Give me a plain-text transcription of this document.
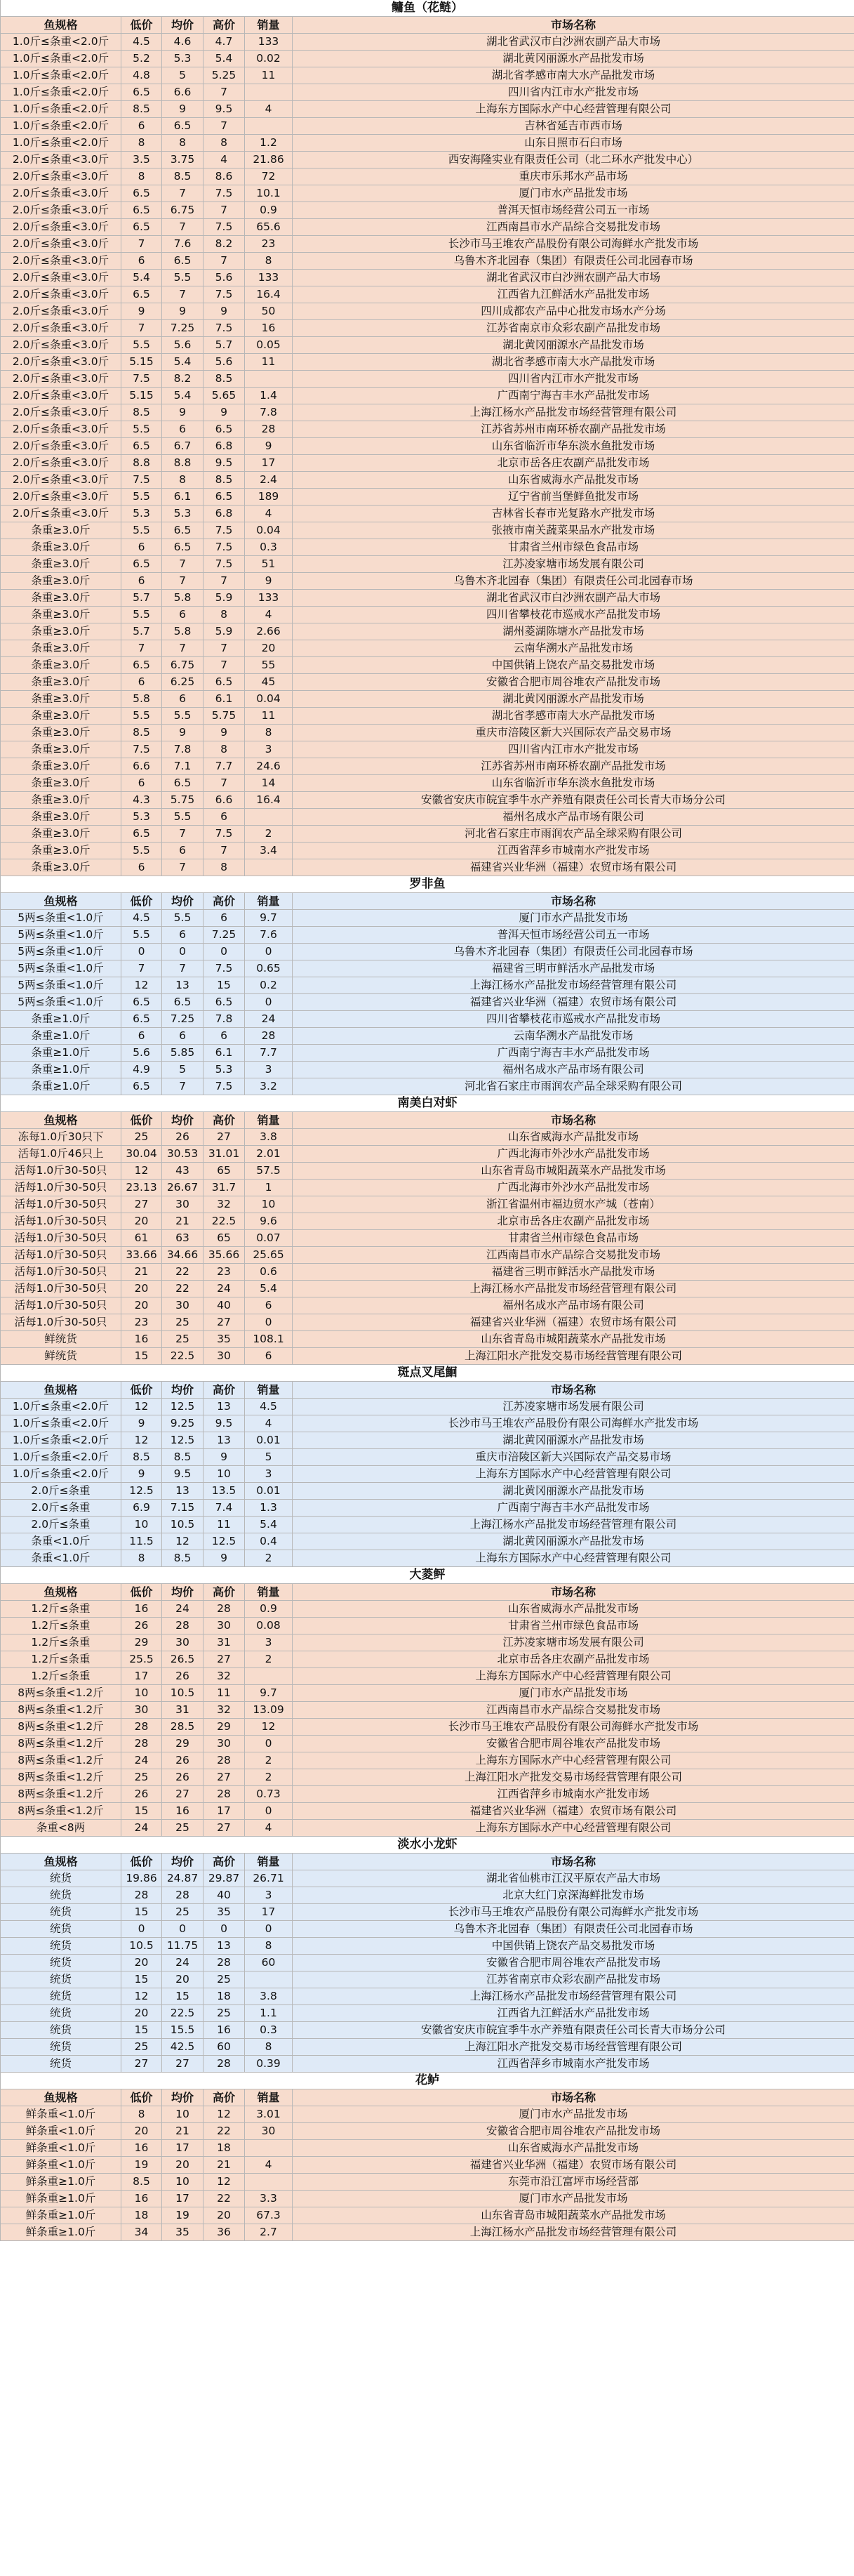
鳙鱼（花鲢）					
鱼规格	低价	均价	高价	销量	市场名称
1.0斤≤条重<2.0斤	4.5	4.6	4.7	133	湖北省武汉市白沙洲农副产品大市场
1.0斤≤条重<2.0斤	5.2	5.3	5.4	0.02	湖北黄冈丽源水产品批发市场
1.0斤≤条重<2.0斤	4.8	5	5.25	11	湖北省孝感市南大水产品批发市场
1.0斤≤条重<2.0斤	6.5	6.6	7		四川省内江市水产批发市场
1.0斤≤条重<2.0斤	8.5	9	9.5	4	上海东方国际水产中心经营管理有限公司
1.0斤≤条重<2.0斤	6	6.5	7		吉林省延吉市西市场
1.0斤≤条重<2.0斤	8	8	8	1.2	山东日照市石臼市场
2.0斤≤条重<3.0斤	3.5	3.75	4	21.86	西安海隆实业有限责任公司（北二环水产批发中心）
2.0斤≤条重<3.0斤	8	8.5	8.6	72	重庆市乐邦水产品市场
2.0斤≤条重<3.0斤	6.5	7	7.5	10.1	厦门市水产品批发市场
2.0斤≤条重<3.0斤	6.5	6.75	7	0.9	普洱天恒市场经营公司五一市场
2.0斤≤条重<3.0斤	6.5	7	7.5	65.6	江西南昌市水产品综合交易批发市场
2.0斤≤条重<3.0斤	7	7.6	8.2	23	长沙市马王堆农产品股份有限公司海鲜水产批发市场
2.0斤≤条重<3.0斤	6	6.5	7	8	乌鲁木齐北园春（集团）有限责任公司北园春市场
2.0斤≤条重<3.0斤	5.4	5.5	5.6	133	湖北省武汉市白沙洲农副产品大市场
2.0斤≤条重<3.0斤	6.5	7	7.5	16.4	江西省九江鲜活水产品批发市场
2.0斤≤条重<3.0斤	9	9	9	50	四川成都农产品中心批发市场水产分场
2.0斤≤条重<3.0斤	7	7.25	7.5	16	江苏省南京市众彩农副产品批发市场
2.0斤≤条重<3.0斤	5.5	5.6	5.7	0.05	湖北黄冈丽源水产品批发市场
2.0斤≤条重<3.0斤	5.15	5.4	5.6	11	湖北省孝感市南大水产品批发市场
2.0斤≤条重<3.0斤	7.5	8.2	8.5		四川省内江市水产批发市场
2.0斤≤条重<3.0斤	5.15	5.4	5.65	1.4	广西南宁海吉丰水产品批发市场
2.0斤≤条重<3.0斤	8.5	9	9	7.8	上海江杨水产品批发市场经营管理有限公司
2.0斤≤条重<3.0斤	5.5	6	6.5	28	江苏省苏州市南环桥农副产品批发市场
2.0斤≤条重<3.0斤	6.5	6.7	6.8	9	山东省临沂市华东淡水鱼批发市场
2.0斤≤条重<3.0斤	8.8	8.8	9.5	17	北京市岳各庄农副产品批发市场
2.0斤≤条重<3.0斤	7.5	8	8.5	2.4	山东省威海水产品批发市场
2.0斤≤条重<3.0斤	5.5	6.1	6.5	189	辽宁省前当堡鲜鱼批发市场
2.0斤≤条重<3.0斤	5.3	5.3	6.8	4	吉林省长春市光复路水产批发市场
条重≥3.0斤	5.5	6.5	7.5	0.04	张掖市南关蔬菜果品水产批发市场
条重≥3.0斤	6	6.5	7.5	0.3	甘肃省兰州市绿色食品市场
条重≥3.0斤	6.5	7	7.5	51	江苏凌家塘市场发展有限公司
条重≥3.0斤	6	7	7	9	乌鲁木齐北园春（集团）有限责任公司北园春市场
条重≥3.0斤	5.7	5.8	5.9	133	湖北省武汉市白沙洲农副产品大市场
条重≥3.0斤	5.5	6	8	4	四川省攀枝花市巡戒水产品批发市场
条重≥3.0斤	5.7	5.8	5.9	2.66	湖州菱湖陈塘水产品批发市场
条重≥3.0斤	7	7	7	20	云南华溯水产品批发市场
条重≥3.0斤	6.5	6.75	7	55	中国供销上饶农产品交易批发市场
条重≥3.0斤	6	6.25	6.5	45	安徽省合肥市周谷堆农产品批发市场
条重≥3.0斤	5.8	6	6.1	0.04	湖北黄冈丽源水产品批发市场
条重≥3.0斤	5.5	5.5	5.75	11	湖北省孝感市南大水产品批发市场
条重≥3.0斤	8.5	9	9	8	重庆市涪陵区新大兴国际农产品交易市场
条重≥3.0斤	7.5	7.8	8	3	四川省内江市水产批发市场
条重≥3.0斤	6.6	7.1	7.7	24.6	江苏省苏州市南环桥农副产品批发市场
条重≥3.0斤	6	6.5	7	14	山东省临沂市华东淡水鱼批发市场
条重≥3.0斤	4.3	5.75	6.6	16.4	安徽省安庆市皖宜季牛水产养殖有限责任公司长青大市场分公司
条重≥3.0斤	5.3	5.5	6		福州名成水产品市场有限公司
条重≥3.0斤	6.5	7	7.5	2	河北省石家庄市雨润农产品全球采购有限公司
条重≥3.0斤	5.5	6	7	3.4	江西省萍乡市城南水产批发市场
条重≥3.0斤	6	7	8		福建省兴业华洲（福建）农贸市场有限公司
罗非鱼					
鱼规格	低价	均价	高价	销量	市场名称
5两≤条重<1.0斤	4.5	5.5	6	9.7	厦门市水产品批发市场
5两≤条重<1.0斤	5.5	6	7.25	7.6	普洱天恒市场经营公司五一市场
5两≤条重<1.0斤	0	0	0	0	乌鲁木齐北园春（集团）有限责任公司北园春市场
5两≤条重<1.0斤	7	7	7.5	0.65	福建省三明市鲜活水产品批发市场
5两≤条重<1.0斤	12	13	15	0.2	上海江杨水产品批发市场经营管理有限公司
5两≤条重<1.0斤	6.5	6.5	6.5	0	福建省兴业华洲（福建）农贸市场有限公司
条重≥1.0斤	6.5	7.25	7.8	24	四川省攀枝花市巡戒水产品批发市场
条重≥1.0斤	6	6	6	28	云南华溯水产品批发市场
条重≥1.0斤	5.6	5.85	6.1	7.7	广西南宁海吉丰水产品批发市场
条重≥1.0斤	4.9	5	5.3	3	福州名成水产品市场有限公司
条重≥1.0斤	6.5	7	7.5	3.2	河北省石家庄市雨润农产品全球采购有限公司
南美白对虾					
鱼规格	低价	均价	高价	销量	市场名称
冻每1.0斤30只下	25	26	27	3.8	山东省威海水产品批发市场
活每1.0斤46只上	30.04	30.53	31.01	2.01	广西北海市外沙水产品批发市场
活每1.0斤30-50只	12	43	65	57.5	山东省青岛市城阳蔬菜水产品批发市场
活每1.0斤30-50只	23.13	26.67	31.7	1	广西北海市外沙水产品批发市场
活每1.0斤30-50只	27	30	32	10	浙江省温州市福边贸水产城（苍南）
活每1.0斤30-50只	20	21	22.5	9.6	北京市岳各庄农副产品批发市场
活每1.0斤30-50只	61	63	65	0.07	甘肃省兰州市绿色食品市场
活每1.0斤30-50只	33.66	34.66	35.66	25.65	江西南昌市水产品综合交易批发市场
活每1.0斤30-50只	21	22	23	0.6	福建省三明市鲜活水产品批发市场
活每1.0斤30-50只	20	22	24	5.4	上海江杨水产品批发市场经营管理有限公司
活每1.0斤30-50只	20	30	40	6	福州名成水产品市场有限公司
活每1.0斤30-50只	23	25	27	0	福建省兴业华洲（福建）农贸市场有限公司
鲜统货	16	25	35	108.1	山东省青岛市城阳蔬菜水产品批发市场
鲜统货	15	22.5	30	6	上海江阳水产批发交易市场经营管理有限公司
斑点叉尾鮰					
鱼规格	低价	均价	高价	销量	市场名称
1.0斤≤条重<2.0斤	12	12.5	13	4.5	江苏凌家塘市场发展有限公司
1.0斤≤条重<2.0斤	9	9.25	9.5	4	长沙市马王堆农产品股份有限公司海鲜水产批发市场
1.0斤≤条重<2.0斤	12	12.5	13	0.01	湖北黄冈丽源水产品批发市场
1.0斤≤条重<2.0斤	8.5	8.5	9	5	重庆市涪陵区新大兴国际农产品交易市场
1.0斤≤条重<2.0斤	9	9.5	10	3	上海东方国际水产中心经营管理有限公司
2.0斤≤条重	12.5	13	13.5	0.01	湖北黄冈丽源水产品批发市场
2.0斤≤条重	6.9	7.15	7.4	1.3	广西南宁海吉丰水产品批发市场
2.0斤≤条重	10	10.5	11	5.4	上海江杨水产品批发市场经营管理有限公司
条重<1.0斤	11.5	12	12.5	0.4	湖北黄冈丽源水产品批发市场
条重<1.0斤	8	8.5	9	2	上海东方国际水产中心经营管理有限公司
大菱鲆					
鱼规格	低价	均价	高价	销量	市场名称
1.2斤≤条重	16	24	28	0.9	山东省威海水产品批发市场
1.2斤≤条重	26	28	30	0.08	甘肃省兰州市绿色食品市场
1.2斤≤条重	29	30	31	3	江苏凌家塘市场发展有限公司
1.2斤≤条重	25.5	26.5	27	2	北京市岳各庄农副产品批发市场
1.2斤≤条重	17	26	32		上海东方国际水产中心经营管理有限公司
8两≤条重<1.2斤	10	10.5	11	9.7	厦门市水产品批发市场
8两≤条重<1.2斤	30	31	32	13.09	江西南昌市水产品综合交易批发市场
8两≤条重<1.2斤	28	28.5	29	12	长沙市马王堆农产品股份有限公司海鲜水产批发市场
8两≤条重<1.2斤	28	29	30	0	安徽省合肥市周谷堆农产品批发市场
8两≤条重<1.2斤	24	26	28	2	上海东方国际水产中心经营管理有限公司
8两≤条重<1.2斤	25	26	27	2	上海江阳水产批发交易市场经营管理有限公司
8两≤条重<1.2斤	26	27	28	0.73	江西省萍乡市城南水产批发市场
8两≤条重<1.2斤	15	16	17	0	福建省兴业华洲（福建）农贸市场有限公司
条重<8两	24	25	27	4	上海东方国际水产中心经营管理有限公司
淡水小龙虾					
鱼规格	低价	均价	高价	销量	市场名称
统货	19.86	24.87	29.87	26.71	湖北省仙桃市江汉平原农产品大市场
统货	28	28	40	3	北京大红门京深海鲜批发市场
统货	15	25	35	17	长沙市马王堆农产品股份有限公司海鲜水产批发市场
统货	0	0	0	0	乌鲁木齐北园春（集团）有限责任公司北园春市场
统货	10.5	11.75	13	8	中国供销上饶农产品交易批发市场
统货	20	24	28	60	安徽省合肥市周谷堆农产品批发市场
统货	15	20	25		江苏省南京市众彩农副产品批发市场
统货	12	15	18	3.8	上海江杨水产品批发市场经营管理有限公司
统货	20	22.5	25	1.1	江西省九江鲜活水产品批发市场
统货	15	15.5	16	0.3	安徽省安庆市皖宜季牛水产养殖有限责任公司长青大市场分公司
统货	25	42.5	60	8	上海江阳水产批发交易市场经营管理有限公司
统货	27	27	28	0.39	江西省萍乡市城南水产批发市场
花鲈					
鱼规格	低价	均价	高价	销量	市场名称
鲜条重<1.0斤	8	10	12	3.01	厦门市水产品批发市场
鲜条重<1.0斤	20	21	22	30	安徽省合肥市周谷堆农产品批发市场
鲜条重<1.0斤	16	17	18		山东省威海水产品批发市场
鲜条重<1.0斤	19	20	21	4	福建省兴业华洲（福建）农贸市场有限公司
鲜条重≥1.0斤	8.5	10	12		东莞市沿江富坪市场经营部
鲜条重≥1.0斤	16	17	22	3.3	厦门市水产品批发市场
鲜条重≥1.0斤	18	19	20	67.3	山东省青岛市城阳蔬菜水产品批发市场
鲜条重≥1.0斤	34	35	36	2.7	上海江杨水产品批发市场经营管理有限公司
